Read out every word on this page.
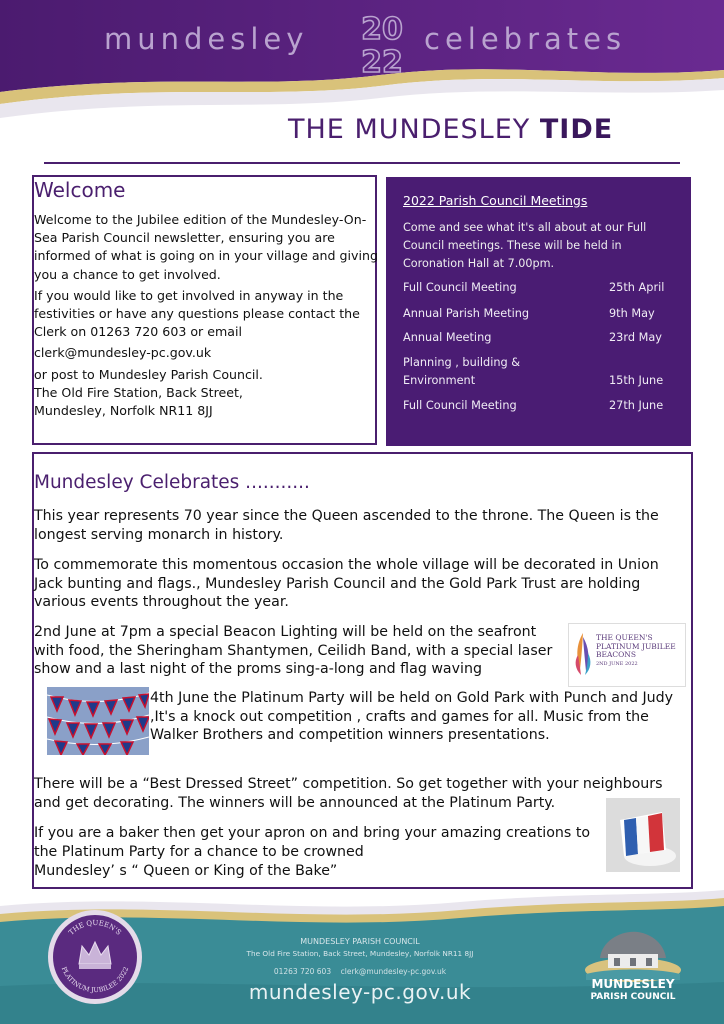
mundesley 20
22
celebrates
THE MUNDESLEY TIDE
Welcome
Welcome to the Jubilee edition of the Mundesley-On-Sea Parish Council newsletter, ensuring you are informed of what is going on in your village and giving you a chance to get involved.
If you would like to get involved in anyway in the festivities or have any questions please contact the Clerk on 01263 720 603 or email
clerk@mundesley-pc.gov.uk
or post to Mundesley Parish Council.
The Old Fire Station, Back Street,
Mundesley, Norfolk NR11 8JJ
2022 Parish Council Meetings
Come and see what it's all about at our Full Council meetings. These will be held in Coronation Hall at 7.00pm.
Full Council Meeting	25th April
Annual Parish Meeting	9th May
Annual Meeting	23rd May
Planning , building &
Environment	15th June
Full Council Meeting	27th June
Mundesley Celebrates ...........
This year represents 70 year since the Queen ascended to the throne. The Queen is the longest serving monarch in history.
To commemorate this momentous occasion the whole village will be decorated in Union Jack bunting and flags., Mundesley Parish Council and the Gold Park Trust are holding various events throughout the year.
2nd June at 7pm a special Beacon Lighting will be held on the seafront with food, the Sheringham Shantymen, Ceilidh Band, with a special laser show and a last night of the proms sing-a-long and flag waving
4th June the Platinum Party will be held on Gold Park with Punch and Judy ,It's a knock out competition , crafts and games for all. Music from the Walker Brothers and competition winners presentations.
There will be a “Best Dressed Street” competition. So get together with your neighbours and get decorating. The winners will be announced at the Platinum Party.
If you are a baker then get your apron on and bring your amazing creations to
the Platinum Party for a chance to be crowned
Mundesley’ s “ Queen or King of the Bake”
THE QUEEN'S
PLATINUM JUBILEE
BEACONS
2ND JUNE 2022
THE QUEEN'S
PLATINUM JUBILEE 2022
MUNDESLEY PARISH COUNCIL
The Old Fire Station, Back Street, Mundesley, Norfolk NR11 8JJ
01263 720 603 clerk@mundesley-pc.gov.uk
mundesley-pc.gov.uk	MUNDESLEY
PARISH COUNCIL
